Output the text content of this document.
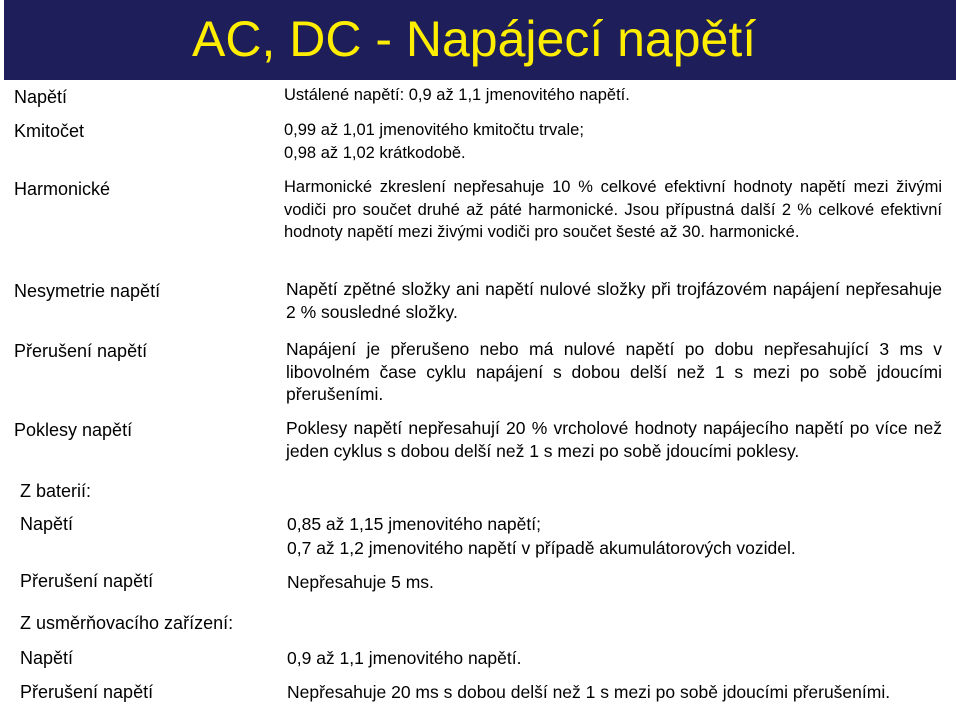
AC, DC - Napájecí napětí
Napětí	Ustálené napětí: 0,9 až 1,1 jmenovitého napětí.
Kmitočet	0,99 až 1,01 jmenovitého kmitočtu trvale;
0,98 až 1,02 krátkodobě.
Harmonické	Harmonické zkreslení nepřesahuje 10 % celkové efektivní hodnoty napětí mezi živými vodiči pro součet druhé až páté harmonické. Jsou přípustná další 2 % celkové efektivní hodnoty napětí mezi živými vodiči pro součet šesté až 30. harmonické.
Nesymetrie napětí	Napětí zpětné složky ani napětí nulové složky při trojfázovém napájení nepřesahuje 2 % sousledné složky.
Přerušení napětí	Napájení je přerušeno nebo má nulové napětí po dobu nepřesahující 3 ms v libovolném čase cyklu napájení s dobou delší než 1 s mezi po sobě jdoucími přerušeními.
Poklesy napětí	Poklesy napětí nepřesahují 20 % vrcholové hodnoty napájecího napětí po více než jeden cyklus s dobou delší než 1 s mezi po sobě jdoucími poklesy.
Z baterií:
Napětí	0,85 až 1,15 jmenovitého napětí;
0,7 až 1,2 jmenovitého napětí v případě akumulátorových vozidel.
Přerušení napětí	Nepřesahuje 5 ms.
Z usměrňovacího zařízení:
Napětí	0,9 až 1,1 jmenovitého napětí.
Přerušení napětí	Nepřesahuje 20 ms s dobou delší než 1 s mezi po sobě jdoucími přerušeními.
